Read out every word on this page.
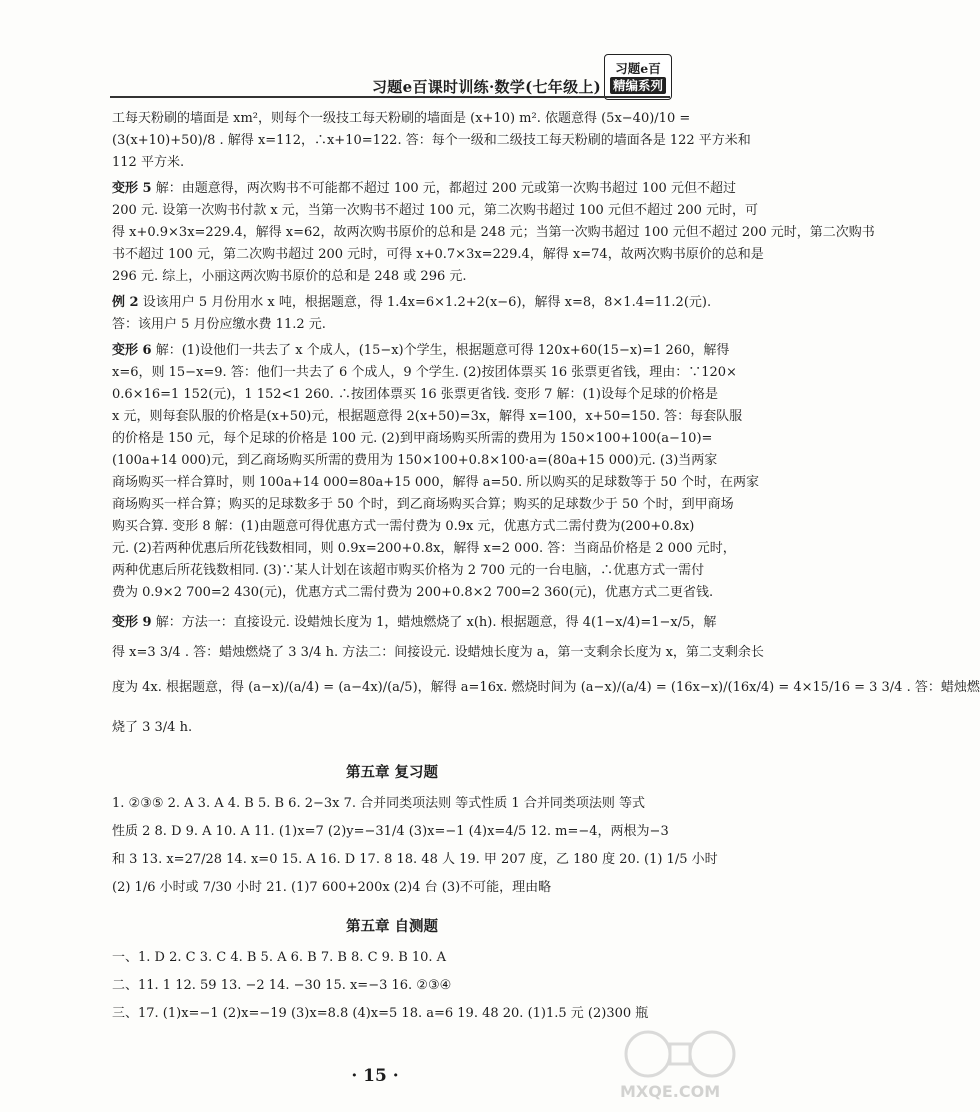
习题e百课时训练·数学(七年级上)
习题e百
精编系列
工每天粉刷的墙面是 xm²，则每个一级技工每天粉刷的墙面是 (x+10) m². 依题意得 (5x−40)/10 =
(3(x+10)+50)/8 . 解得 x=112，∴x+10=122. 答：每个一级和二级技工每天粉刷的墙面各是 122 平方米和
112 平方米.
变形 5 解：由题意得，两次购书不可能都不超过 100 元，都超过 200 元或第一次购书超过 100 元但不超过
200 元. 设第一次购书付款 x 元，当第一次购书不超过 100 元，第二次购书超过 100 元但不超过 200 元时，可
得 x+0.9×3x=229.4，解得 x=62，故两次购书原价的总和是 248 元；当第一次购书超过 100 元但不超过 200 元时，第二次购书
书不超过 100 元，第二次购书超过 200 元时，可得 x+0.7×3x=229.4，解得 x=74，故两次购书原价的总和是
296 元. 综上，小丽这两次购书原价的总和是 248 或 296 元.
例 2 设该用户 5 月份用水 x 吨，根据题意，得 1.4x=6×1.2+2(x−6)，解得 x=8，8×1.4=11.2(元).
答：该用户 5 月份应缴水费 11.2 元.
变形 6 解：(1)设他们一共去了 x 个成人，(15−x)个学生，根据题意可得 120x+60(15−x)=1 260，解得
x=6，则 15−x=9. 答：他们一共去了 6 个成人，9 个学生. (2)按团体票买 16 张票更省钱，理由：∵120×
0.6×16=1 152(元)，1 152<1 260. ∴按团体票买 16 张票更省钱. 变形 7 解：(1)设每个足球的价格是
x 元，则每套队服的价格是(x+50)元，根据题意得 2(x+50)=3x，解得 x=100，x+50=150. 答：每套队服
的价格是 150 元，每个足球的价格是 100 元. (2)到甲商场购买所需的费用为 150×100+100(a−10)=
(100a+14 000)元，到乙商场购买所需的费用为 150×100+0.8×100·a=(80a+15 000)元. (3)当两家
商场购买一样合算时，则 100a+14 000=80a+15 000，解得 a=50. 所以购买的足球数等于 50 个时，在两家
商场购买一样合算；购买的足球数多于 50 个时，到乙商场购买合算；购买的足球数少于 50 个时，到甲商场
购买合算. 变形 8 解：(1)由题意可得优惠方式一需付费为 0.9x 元，优惠方式二需付费为(200+0.8x)
元. (2)若两种优惠后所花钱数相同，则 0.9x=200+0.8x，解得 x=2 000. 答：当商品价格是 2 000 元时，
两种优惠后所花钱数相同. (3)∵某人计划在该超市购买价格为 2 700 元的一台电脑，∴优惠方式一需付
费为 0.9×2 700=2 430(元)，优惠方式二需付费为 200+0.8×2 700=2 360(元)，优惠方式二更省钱.
变形 9 解：方法一：直接设元. 设蜡烛长度为 1，蜡烛燃烧了 x(h). 根据题意，得 4(1−x/4)=1−x/5，解
得 x=3 3/4 . 答：蜡烛燃烧了 3 3/4 h. 方法二：间接设元. 设蜡烛长度为 a，第一支剩余长度为 x，第二支剩余长
度为 4x. 根据题意，得 (a−x)/(a/4) = (a−4x)/(a/5)，解得 a=16x. 燃烧时间为 (a−x)/(a/4) = (16x−x)/(16x/4) = 4×15/16 = 3 3/4 . 答：蜡烛燃
烧了 3 3/4 h.
第五章 复习题
1. ②③⑤ 2. A 3. A 4. B 5. B 6. 2−3x 7. 合并同类项法则 等式性质 1 合并同类项法则 等式
性质 2 8. D 9. A 10. A 11. (1)x=7 (2)y=−31/4 (3)x=−1 (4)x=4/5 12. m=−4，两根为−3
和 3 13. x=27/28 14. x=0 15. A 16. D 17. 8 18. 48 人 19. 甲 207 度，乙 180 度 20. (1) 1/5 小时
(2) 1/6 小时或 7/30 小时 21. (1)7 600+200x (2)4 台 (3)不可能，理由略
第五章 自测题
一、1. D 2. C 3. C 4. B 5. A 6. B 7. B 8. C 9. B 10. A
二、11. 1 12. 59 13. −2 14. −30 15. x=−3 16. ②③④
三、17. (1)x=−1 (2)x=−19 (3)x=8.8 (4)x=5 18. a=6 19. 48 20. (1)1.5 元 (2)300 瓶
· 15 ·
MXQE.COM
